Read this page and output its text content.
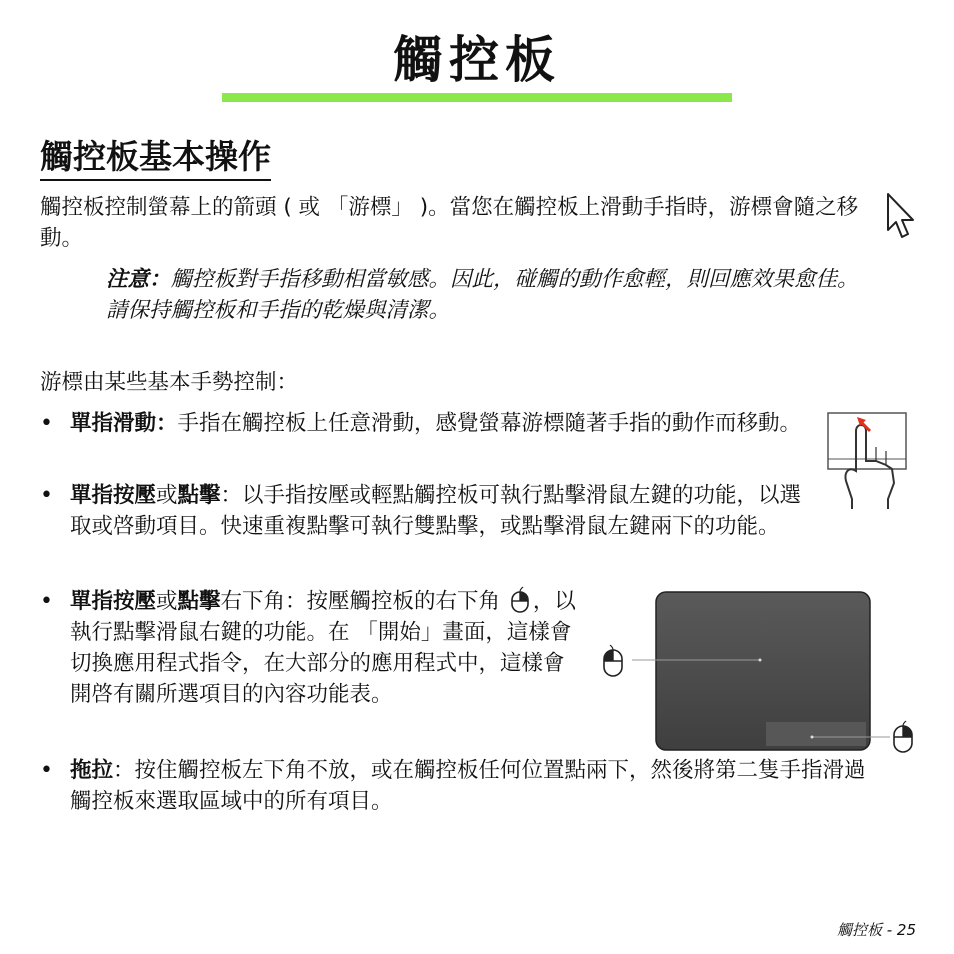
觸控板
觸控板基本操作
觸控板控制螢幕上的箭頭 ( 或 「游標」 )。當您在觸控板上滑動手指時，游標會隨之移動。
注意：觸控板對手指移動相當敏感。因此，碰觸的動作愈輕，則回應效果愈佳。
請保持觸控板和手指的乾燥與清潔。
游標由某些基本手勢控制：
• 單指滑動：手指在觸控板上任意滑動，感覺螢幕游標隨著手指的動作而移動。
• 單指按壓或點擊：以手指按壓或輕點觸控板可執行點擊滑鼠左鍵的功能，以選取或啓動項目。快速重複點擊可執行雙點擊，或點擊滑鼠左鍵兩下的功能。
• 單指按壓或點擊右下角：按壓觸控板的右下角 ，以執行點擊滑鼠右鍵的功能。在 「開始」畫面，這樣會切換應用程式指令，在大部分的應用程式中，這樣會開啓有關所選項目的內容功能表。
• 拖拉：按住觸控板左下角不放，或在觸控板任何位置點兩下，然後將第二隻手指滑過觸控板來選取區域中的所有項目。
觸控板 - 25
